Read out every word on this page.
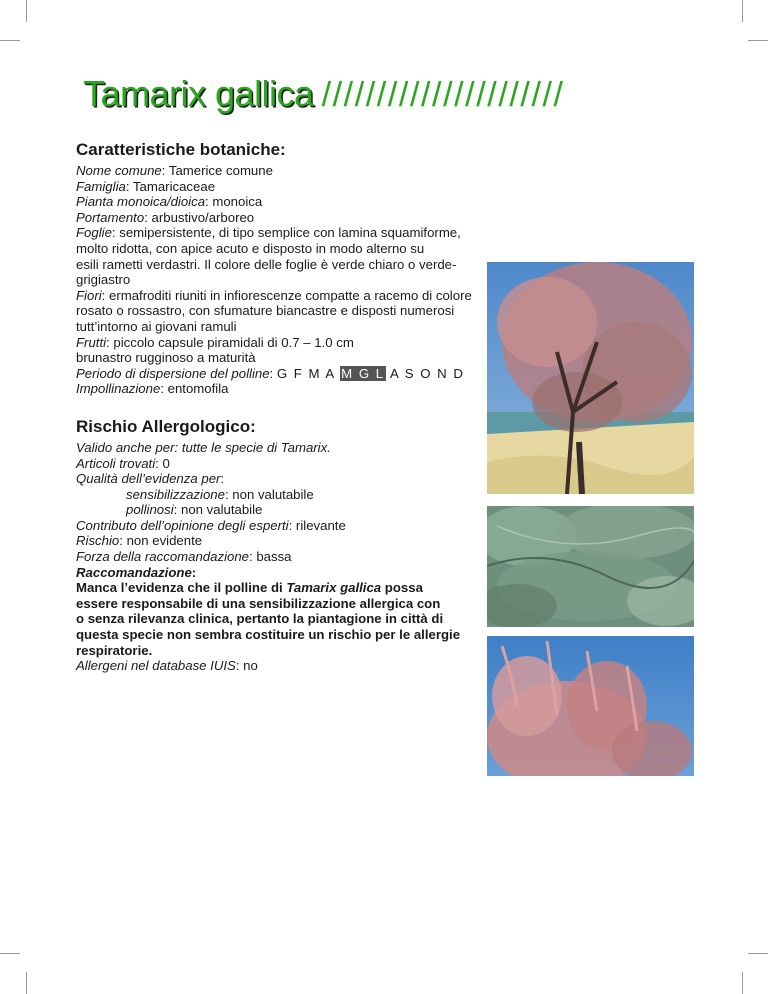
Tamarix gallica //////////////////////
Caratteristiche botaniche:

Nome comune: Tamerice comune

Famiglia: Tamaricaceae

Pianta monoica/dioica: monoica

Portamento: arbustivo/arboreo

Foglie: semipersistente, di tipo semplice con lamina squamiforme,

molto ridotta, con apice acuto e disposto in modo alterno su

esili rametti verdastri. Il colore delle foglie è verde chiaro o verde-

grigiastro

Fiori: ermafroditi riuniti in infiorescenze compatte a racemo di colore

rosato o rossastro, con sfumature biancastre e disposti numerosi

tutt’intorno ai giovani ramuli

Frutti: piccolo capsule piramidali di 0.7 – 1.0 cm

brunastro rugginoso a maturità

Periodo di dispersione del polline: G F M A M G L A S O N D

Impollinazione: entomofila

Rischio Allergologico:

Valido anche per: tutte le specie di Tamarix.

Articoli trovati: 0

Qualità dell’evidenza per:

sensibilizzazione: non valutabile

pollinosi: non valutabile

Contributo dell’opinione degli esperti: rilevante

Rischio: non evidente

Forza della raccomandazione: bassa

Raccomandazione:

Manca l’evidenza che il polline di Tamarix gallica possa

essere responsabile di una sensibilizzazione allergica con

o senza rilevanza clinica, pertanto la piantagione in città di

questa specie non sembra costituire un rischio per le allergie

respiratorie.

Allergeni nel database IUIS: no
